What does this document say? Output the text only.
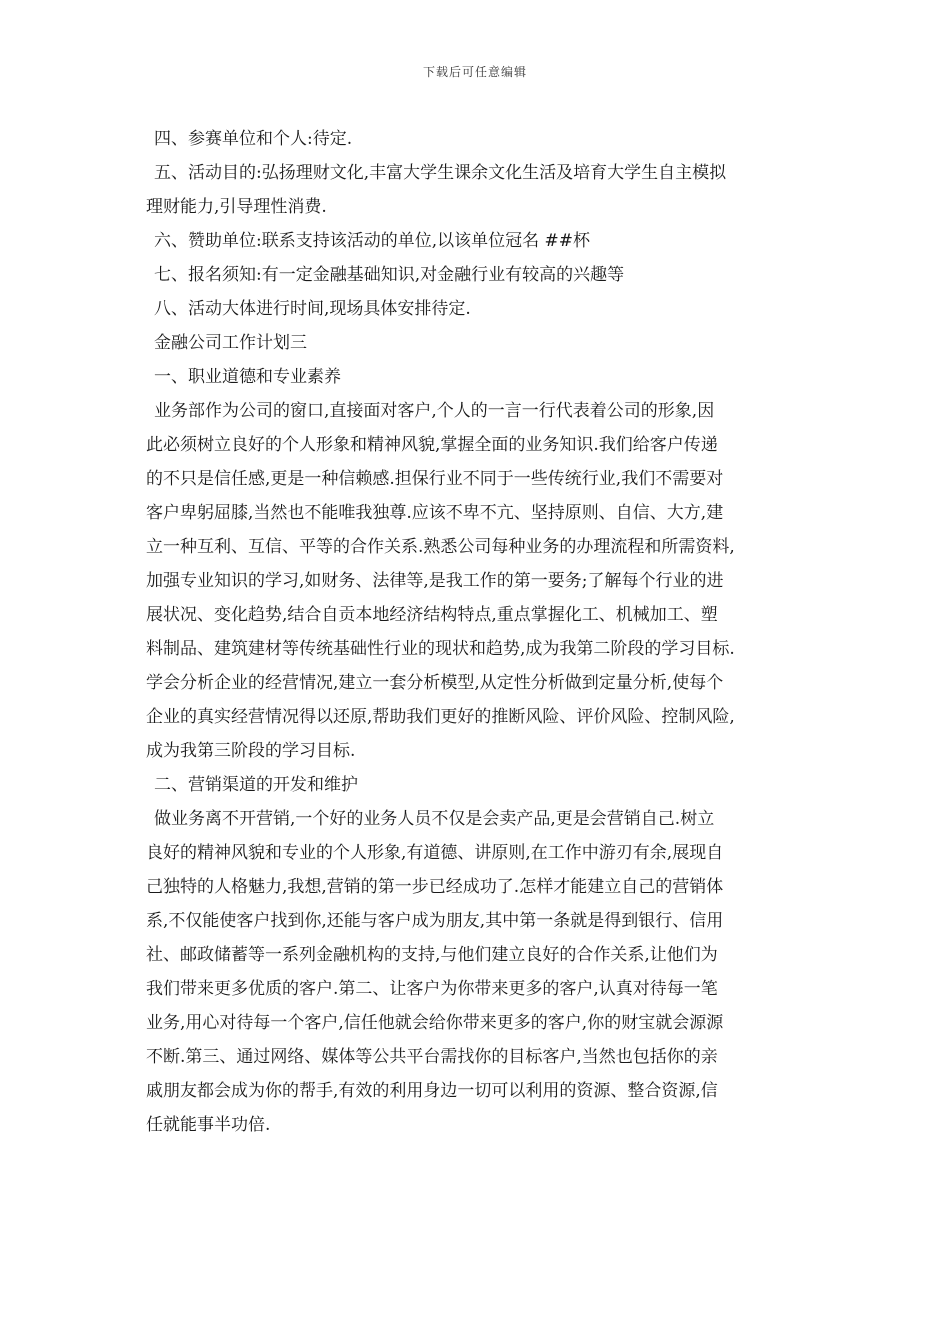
下载后可任意编辑
四、参赛单位和个人:待定.
五、活动目的:弘扬理财文化,丰富大学生课余文化生活及培育大学生自主模拟
理财能力,引导理性消费.
六、赞助单位:联系支持该活动的单位,以该单位冠名 ##杯
七、报名须知:有一定金融基础知识,对金融行业有较高的兴趣等
八、活动大体进行时间,现场具体安排待定.
金融公司工作计划三
一、职业道德和专业素养
业务部作为公司的窗口,直接面对客户,个人的一言一行代表着公司的形象,因
此必须树立良好的个人形象和精神风貌,掌握全面的业务知识.我们给客户传递
的不只是信任感,更是一种信赖感.担保行业不同于一些传统行业,我们不需要对
客户卑躬屈膝,当然也不能唯我独尊.应该不卑不亢、坚持原则、自信、大方,建
立一种互利、互信、平等的合作关系.熟悉公司每种业务的办理流程和所需资料,
加强专业知识的学习,如财务、法律等,是我工作的第一要务;了解每个行业的进
展状况、变化趋势,结合自贡本地经济结构特点,重点掌握化工、机械加工、塑
料制品、建筑建材等传统基础性行业的现状和趋势,成为我第二阶段的学习目标.
学会分析企业的经营情况,建立一套分析模型,从定性分析做到定量分析,使每个
企业的真实经营情况得以还原,帮助我们更好的推断风险、评价风险、控制风险,
成为我第三阶段的学习目标.
二、营销渠道的开发和维护
做业务离不开营销,一个好的业务人员不仅是会卖产品,更是会营销自己.树立
良好的精神风貌和专业的个人形象,有道德、讲原则,在工作中游刃有余,展现自
己独特的人格魅力,我想,营销的第一步已经成功了.怎样才能建立自己的营销体
系,不仅能使客户找到你,还能与客户成为朋友,其中第一条就是得到银行、信用
社、邮政储蓄等一系列金融机构的支持,与他们建立良好的合作关系,让他们为
我们带来更多优质的客户.第二、让客户为你带来更多的客户,认真对待每一笔
业务,用心对待每一个客户,信任他就会给你带来更多的客户,你的财宝就会源源
不断.第三、通过网络、媒体等公共平台需找你的目标客户,当然也包括你的亲
戚朋友都会成为你的帮手,有效的利用身边一切可以利用的资源、整合资源,信
任就能事半功倍.
